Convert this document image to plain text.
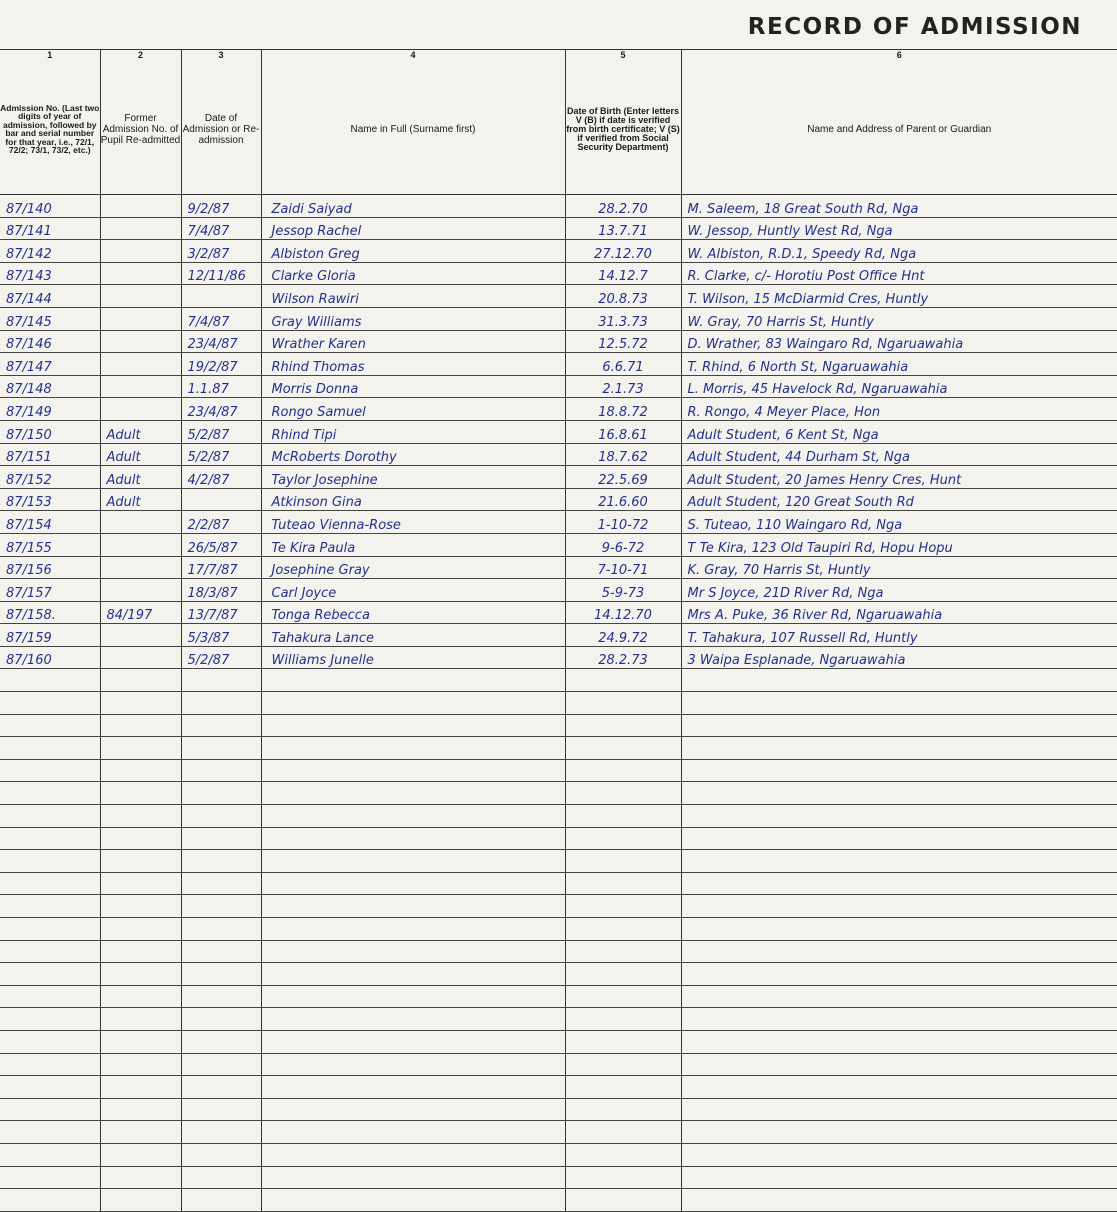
RECORD OF ADMISSION
1	2	3	4	5	6
Admission No. (Last two digits of year of admission, followed by bar and serial number for that year, i.e., 72/1, 72/2; 73/1, 73/2, etc.)	Former Admission No. of Pupil Re-admitted	Date of Admission or Re-admission	Name in Full (Surname first)	Date of Birth (Enter letters V (B) if date is verified from birth certificate; V (S) if verified from Social Security Department)	Name and Address of Parent or Guardian
87/140		9/2/87	Zaidi Saiyad	28.2.70	M. Saleem, 18 Great South Rd, Nga
87/141		7/4/87	Jessop Rachel	13.7.71	W. Jessop, Huntly West Rd, Nga
87/142		3/2/87	Albiston Greg	27.12.70	W. Albiston, R.D.1, Speedy Rd, Nga
87/143		12/11/86	Clarke Gloria	14.12.7	R. Clarke, c/- Horotiu Post Office Hnt
87/144			Wilson Rawiri	20.8.73	T. Wilson, 15 McDiarmid Cres, Huntly
87/145		7/4/87	Gray Williams	31.3.73	W. Gray, 70 Harris St, Huntly
87/146		23/4/87	Wrather Karen	12.5.72	D. Wrather, 83 Waingaro Rd, Ngaruawahia
87/147		19/2/87	Rhind Thomas	6.6.71	T. Rhind, 6 North St, Ngaruawahia
87/148		1.1.87	Morris Donna	2.1.73	L. Morris, 45 Havelock Rd, Ngaruawahia
87/149		23/4/87	Rongo Samuel	18.8.72	R. Rongo, 4 Meyer Place, Hon
87/150	Adult	5/2/87	Rhind Tipi	16.8.61	Adult Student, 6 Kent St, Nga
87/151	Adult	5/2/87	McRoberts Dorothy	18.7.62	Adult Student, 44 Durham St, Nga
87/152	Adult	4/2/87	Taylor Josephine	22.5.69	Adult Student, 20 James Henry Cres, Hunt
87/153	Adult		Atkinson Gina	21.6.60	Adult Student, 120 Great South Rd
87/154		2/2/87	Tuteao Vienna-Rose	1-10-72	S. Tuteao, 110 Waingaro Rd, Nga
87/155		26/5/87	Te Kira Paula	9-6-72	T Te Kira, 123 Old Taupiri Rd, Hopu Hopu
87/156		17/7/87	Josephine Gray	7-10-71	K. Gray, 70 Harris St, Huntly
87/157		18/3/87	Carl Joyce	5-9-73	Mr S Joyce, 21D River Rd, Nga
87/158.	84/197	13/7/87	Tonga Rebecca	14.12.70	Mrs A. Puke, 36 River Rd, Ngaruawahia
87/159		5/3/87	Tahakura Lance	24.9.72	T. Tahakura, 107 Russell Rd, Huntly
87/160		5/2/87	Williams Junelle	28.2.73	3 Waipa Esplanade, Ngaruawahia
